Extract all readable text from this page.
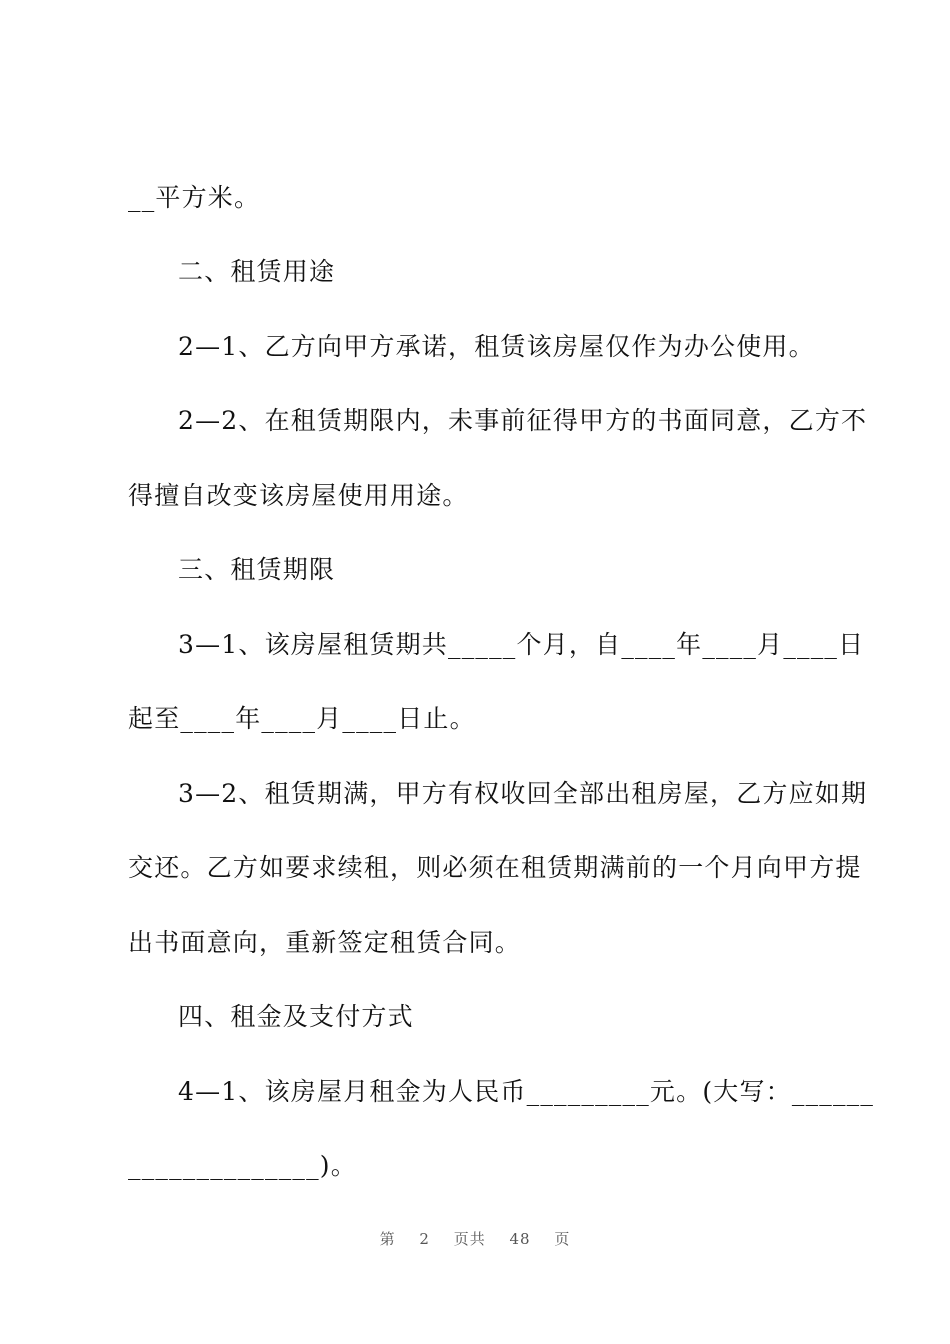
__平方米。
二、租赁用途
2—1、乙方向甲方承诺，租赁该房屋仅作为办公使用。
2—2、在租赁期限内，未事前征得甲方的书面同意，乙方不
得擅自改变该房屋使用用途。
三、租赁期限
3—1、该房屋租赁期共_____个月，自____年____月____日
起至____年____月____日止。
3—2、租赁期满，甲方有权收回全部出租房屋，乙方应如期
交还。乙方如要求续租，则必须在租赁期满前的一个月向甲方提
出书面意向，重新签定租赁合同。
四、租金及支付方式
4—1、该房屋月租金为人民币_________元。(大写：______
______________)。
第 2 页共 48 页
